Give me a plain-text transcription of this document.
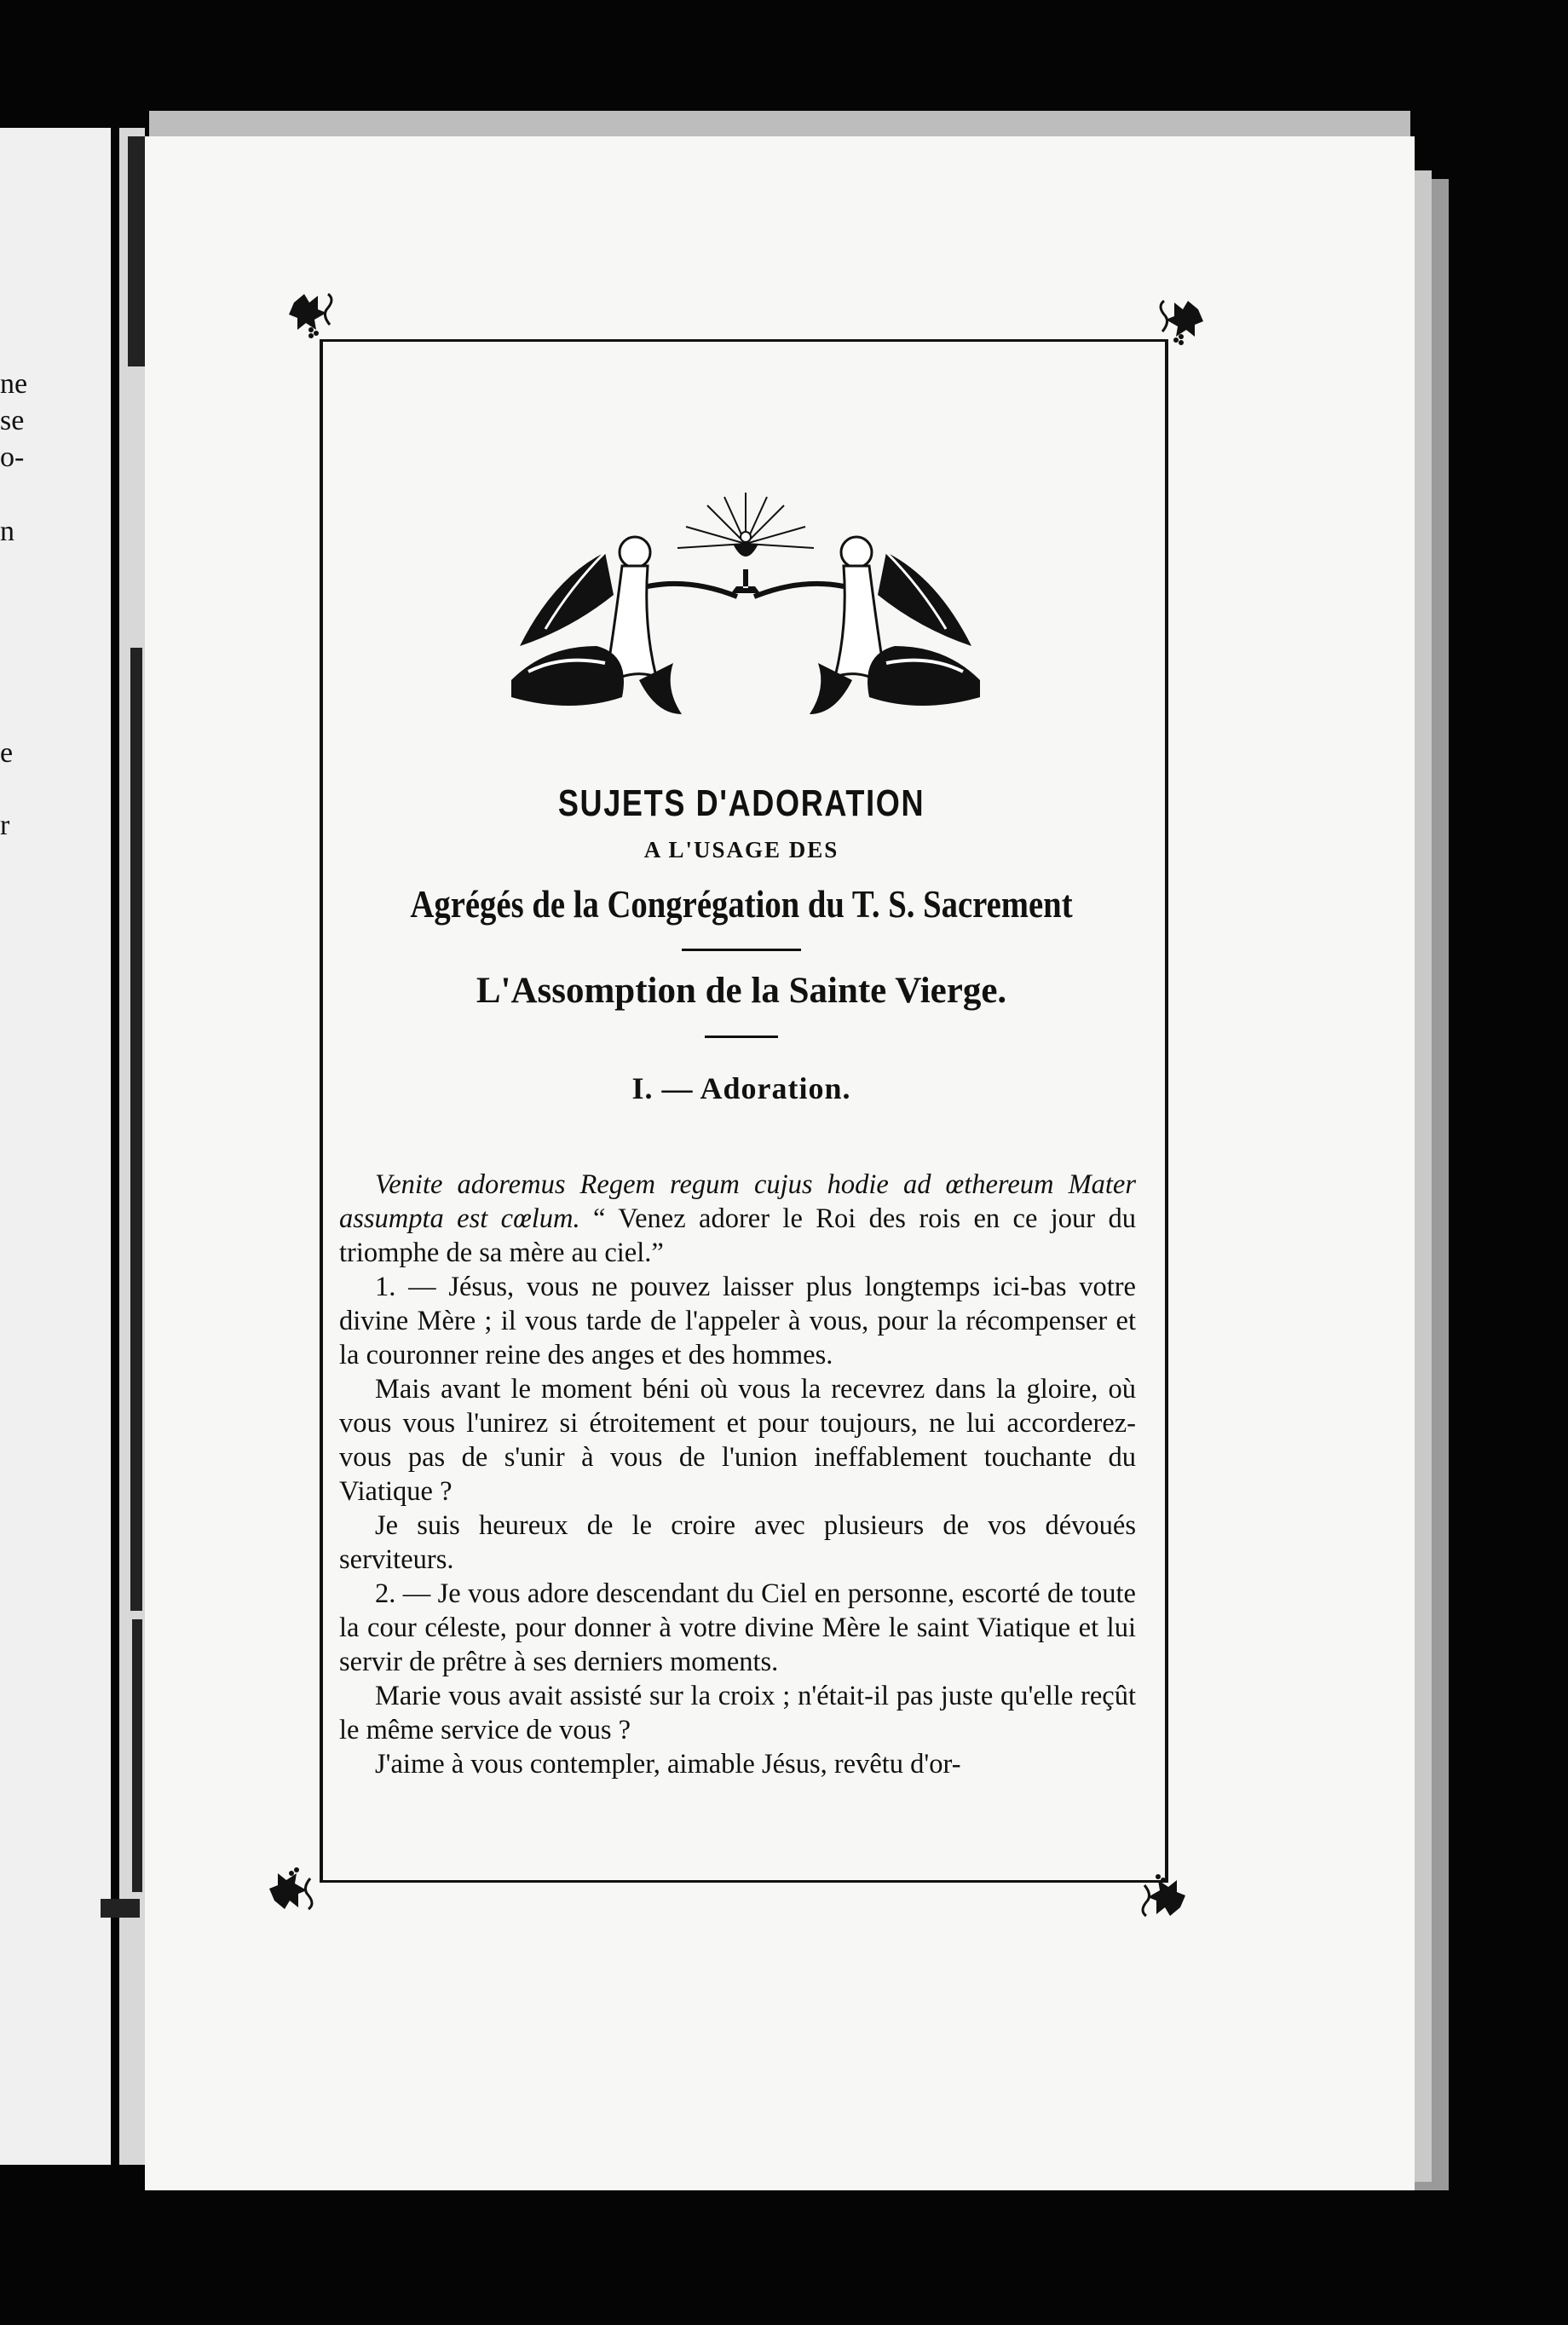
ne
se
o-
n
e
r
SUJETS D'ADORATION
A L'USAGE DES
Agrégés de la Congrégation du T. S. Sacrement
L'Assomption de la Sainte Vierge.
I. — Adoration.

Venite adoremus Regem regum cujus hodie ad œthereum Mater assumpta est cœlum. “ Venez adorer le Roi des rois en ce jour du triomphe de sa mère au ciel.”

1. — Jésus, vous ne pouvez laisser plus longtemps ici-bas votre divine Mère ; il vous tarde de l'appeler à vous, pour la récompenser et la couronner reine des anges et des hommes.

Mais avant le moment béni où vous la recevrez dans la gloire, où vous vous l'unirez si étroitement et pour toujours, ne lui accorderez-vous pas de s'unir à vous de l'union ineffablement touchante du Viatique ?

Je suis heureux de le croire avec plusieurs de vos dévoués serviteurs.

2. — Je vous adore descendant du Ciel en personne, escorté de toute la cour céleste, pour donner à votre divine Mère le saint Viatique et lui servir de prêtre à ses derniers moments.

Marie vous avait assisté sur la croix ; n'était-il pas juste qu'elle reçût le même service de vous ?

J'aime à vous contempler, aimable Jésus, revêtu d'or-
